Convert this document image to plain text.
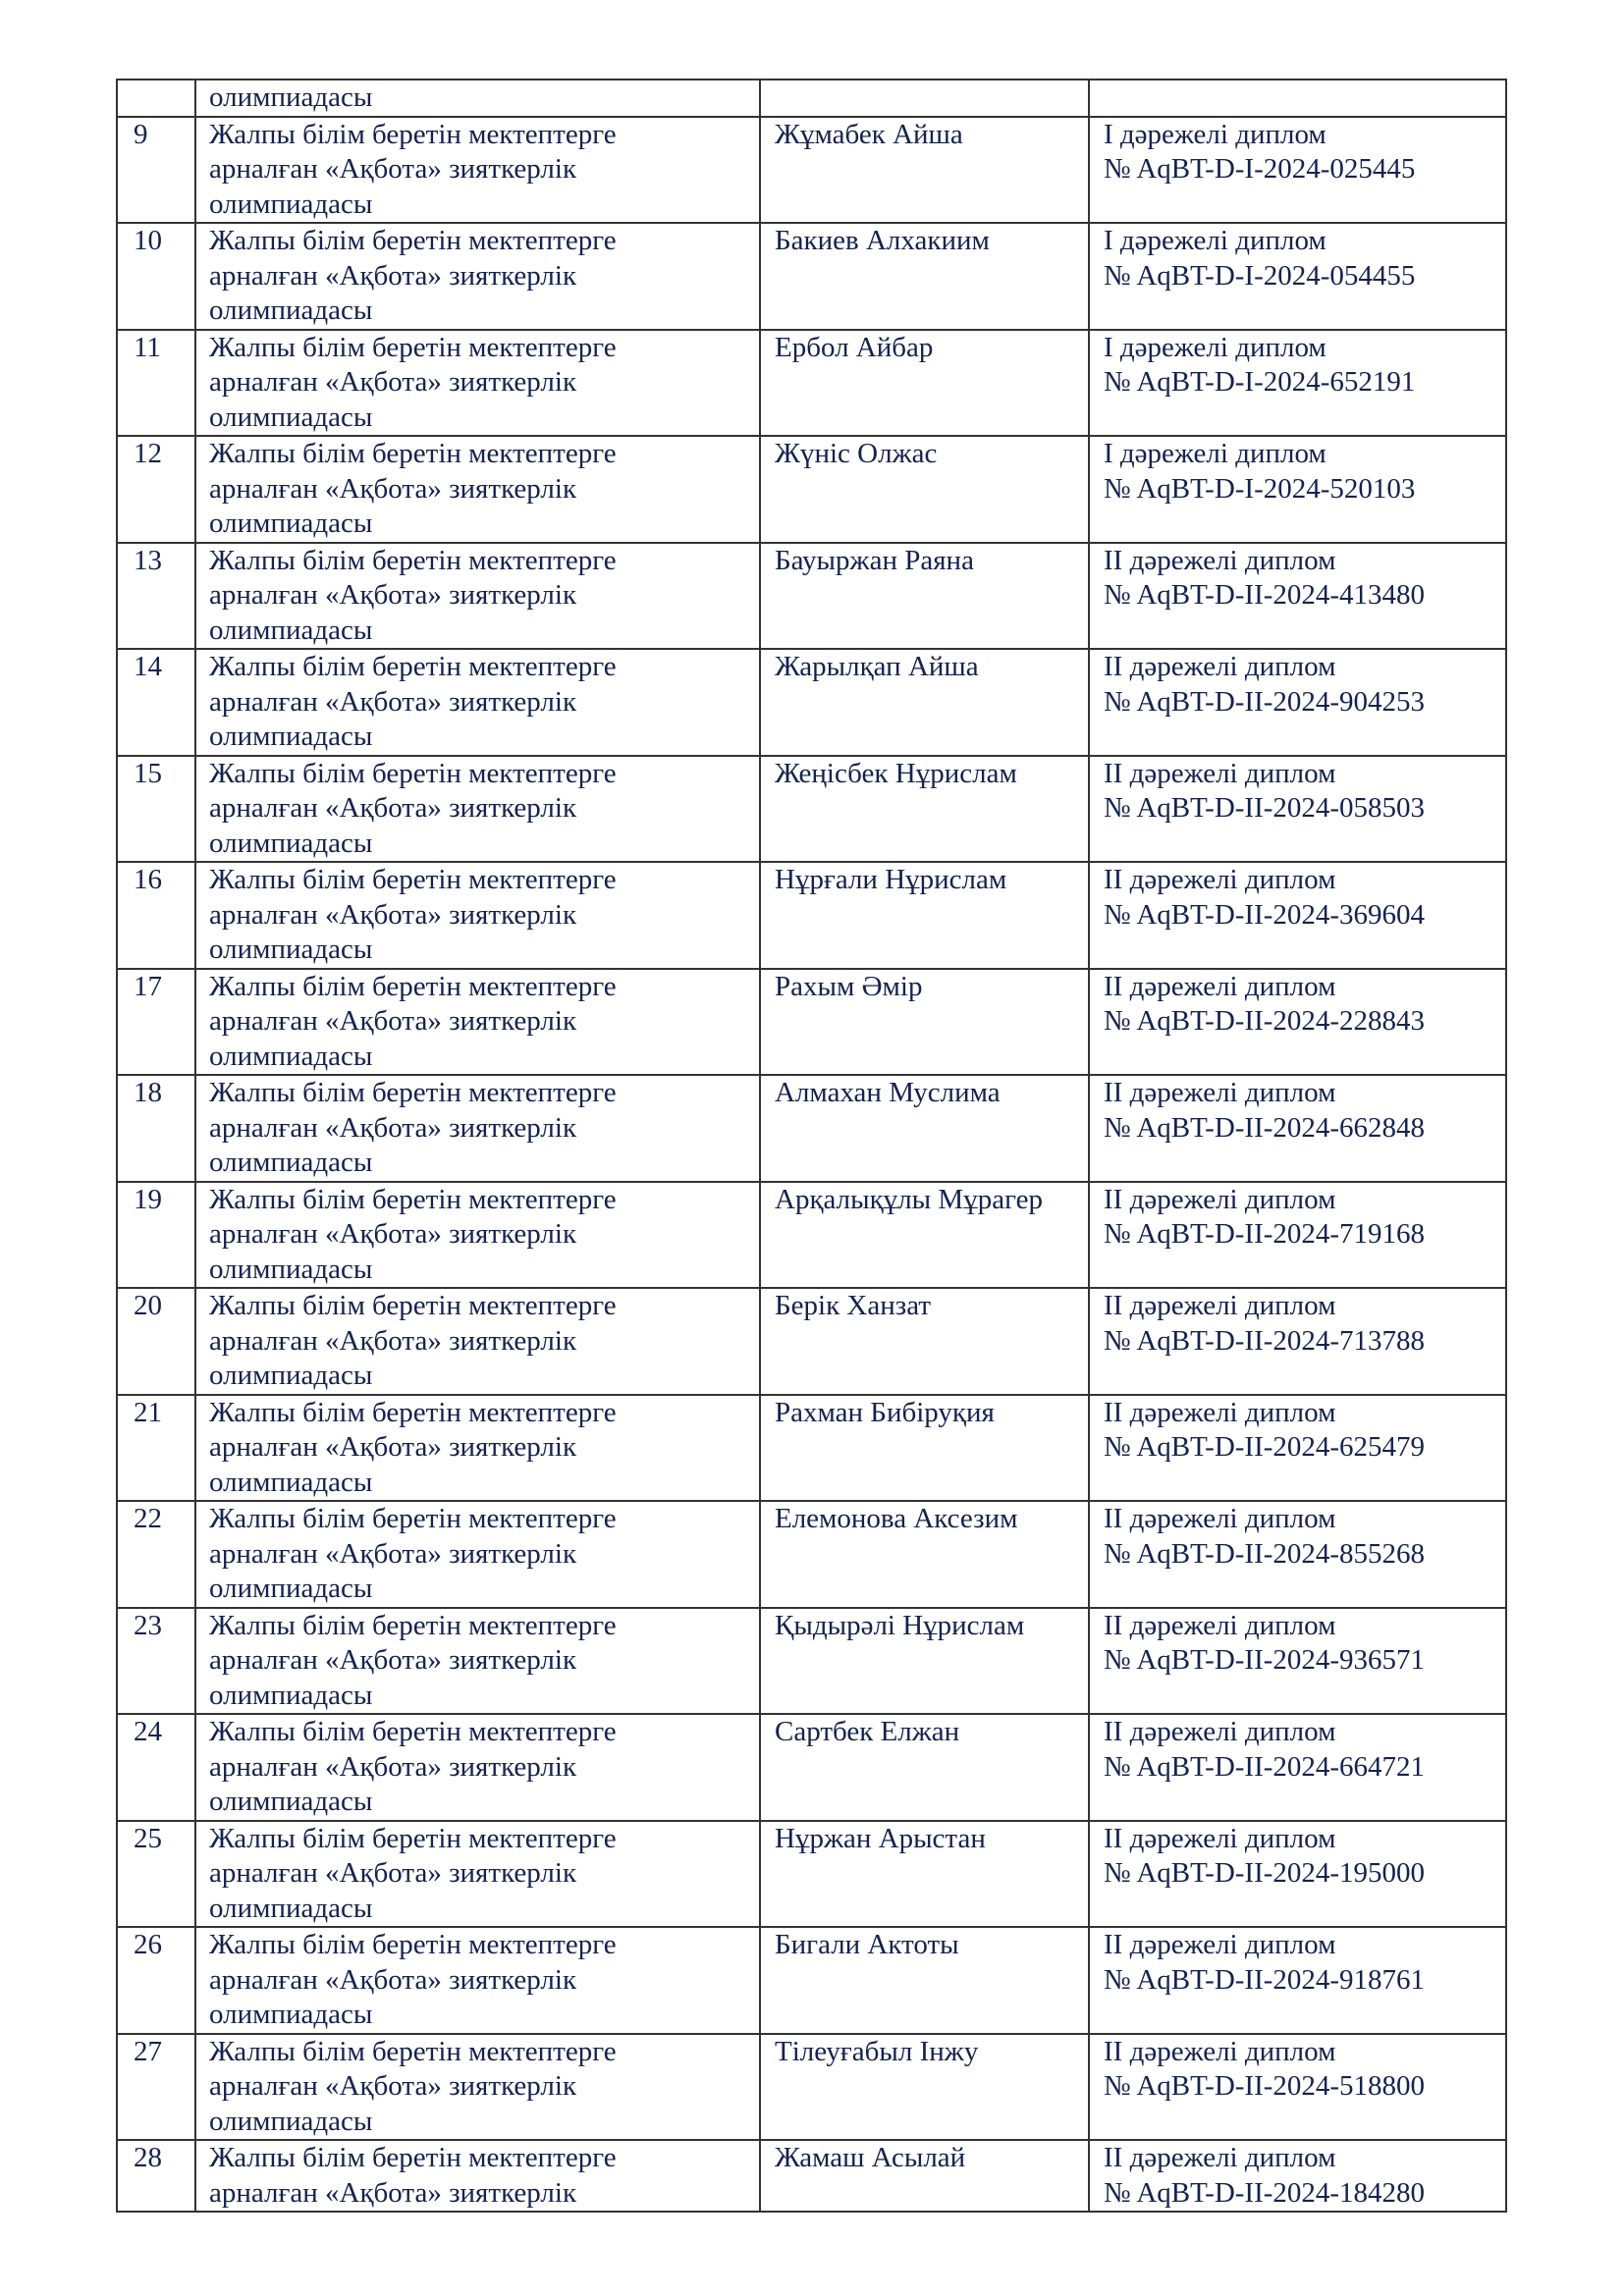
	олимпиадасы		

9	Жалпы білім беретін мектептерге
арналған «Ақбота» зияткерлік
олимпиадасы	Жұмабек Айша	І дәрежелі диплом
№ AqBT-D-I-2024-025445

10	Жалпы білім беретін мектептерге
арналған «Ақбота» зияткерлік
олимпиадасы	Бакиев Алхакиим	І дәрежелі диплом
№ AqBT-D-I-2024-054455

11	Жалпы білім беретін мектептерге
арналған «Ақбота» зияткерлік
олимпиадасы	Ербол Айбар	І дәрежелі диплом
№ AqBT-D-I-2024-652191

12	Жалпы білім беретін мектептерге
арналған «Ақбота» зияткерлік
олимпиадасы	Жүніс Олжас	І дәрежелі диплом
№ AqBT-D-I-2024-520103

13	Жалпы білім беретін мектептерге
арналған «Ақбота» зияткерлік
олимпиадасы	Бауыржан Раяна	ІІ дәрежелі диплом
№ AqBT-D-II-2024-413480

14	Жалпы білім беретін мектептерге
арналған «Ақбота» зияткерлік
олимпиадасы	Жарылқап Айша	ІІ дәрежелі диплом
№ AqBT-D-II-2024-904253

15	Жалпы білім беретін мектептерге
арналған «Ақбота» зияткерлік
олимпиадасы	Жеңісбек Нұрислам	ІІ дәрежелі диплом
№ AqBT-D-II-2024-058503

16	Жалпы білім беретін мектептерге
арналған «Ақбота» зияткерлік
олимпиадасы	Нұрғали Нұрислам	ІІ дәрежелі диплом
№ AqBT-D-II-2024-369604

17	Жалпы білім беретін мектептерге
арналған «Ақбота» зияткерлік
олимпиадасы	Рахым Әмір	ІІ дәрежелі диплом
№ AqBT-D-II-2024-228843

18	Жалпы білім беретін мектептерге
арналған «Ақбота» зияткерлік
олимпиадасы	Алмахан Муслима	ІІ дәрежелі диплом
№ AqBT-D-II-2024-662848

19	Жалпы білім беретін мектептерге
арналған «Ақбота» зияткерлік
олимпиадасы	Арқалықұлы Мұрагер	ІІ дәрежелі диплом
№ AqBT-D-II-2024-719168

20	Жалпы білім беретін мектептерге
арналған «Ақбота» зияткерлік
олимпиадасы	Берік Ханзат	ІІ дәрежелі диплом
№ AqBT-D-II-2024-713788

21	Жалпы білім беретін мектептерге
арналған «Ақбота» зияткерлік
олимпиадасы	Рахман Бибіруқия	ІІ дәрежелі диплом
№ AqBT-D-II-2024-625479

22	Жалпы білім беретін мектептерге
арналған «Ақбота» зияткерлік
олимпиадасы	Елемонова Аксезим	ІІ дәрежелі диплом
№ AqBT-D-II-2024-855268

23	Жалпы білім беретін мектептерге
арналған «Ақбота» зияткерлік
олимпиадасы	Қыдырәлі Нұрислам	ІІ дәрежелі диплом
№ AqBT-D-II-2024-936571

24	Жалпы білім беретін мектептерге
арналған «Ақбота» зияткерлік
олимпиадасы	Сартбек Елжан	ІІ дәрежелі диплом
№ AqBT-D-II-2024-664721

25	Жалпы білім беретін мектептерге
арналған «Ақбота» зияткерлік
олимпиадасы	Нұржан Арыстан	ІІ дәрежелі диплом
№ AqBT-D-II-2024-195000

26	Жалпы білім беретін мектептерге
арналған «Ақбота» зияткерлік
олимпиадасы	Бигали Актоты	ІІ дәрежелі диплом
№ AqBT-D-II-2024-918761

27	Жалпы білім беретін мектептерге
арналған «Ақбота» зияткерлік
олимпиадасы	Тілеуғабыл Інжу	ІІ дәрежелі диплом
№ AqBT-D-II-2024-518800

28	Жалпы білім беретін мектептерге
арналған «Ақбота» зияткерлік	Жамаш Асылай	ІІ дәрежелі диплом
№ AqBT-D-II-2024-184280
